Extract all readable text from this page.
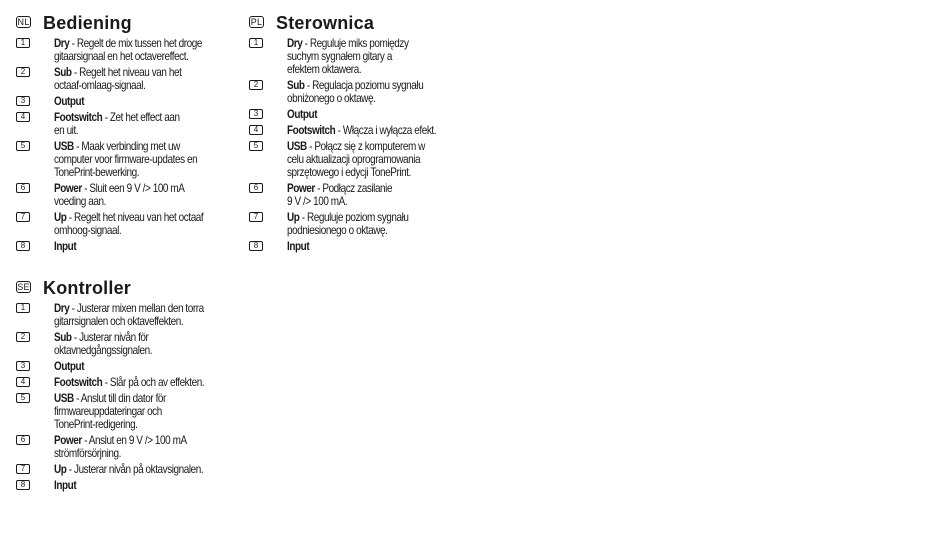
NL Bediening
1	Dry - Regelt de mix tussen het droge
gitaarsignaal en het octavereffect.
2	Sub - Regelt het niveau van het
octaaf-omlaag-signaal.
3	Output
4	Footswitch - Zet het effect aan
en uit.
5	USB - Maak verbinding met uw
computer voor firmware-updates en
TonePrint-bewerking.
6	Power - Sluit een 9 V /> 100 mA
voeding aan.
7	Up - Regelt het niveau van het octaaf
omhoog-signaal.
8	Input
SE Kontroller
1	Dry - Justerar mixen mellan den torra
gitarrsignalen och oktaveffekten.
2	Sub - Justerar nivån för
oktavnedgångssignalen.
3	Output
4	Footswitch - Slår på och av effekten.
5	USB - Anslut till din dator för
firmwareuppdateringar och
TonePrint-redigering.
6	Power - Anslut en 9 V /> 100 mA
strömförsörjning.
7	Up - Justerar nivån på oktavsignalen.
8	Input
PL Sterownica
1	Dry - Reguluje miks pomiędzy
suchym sygnałem gitary a
efektem oktawera.
2	Sub - Regulacja poziomu sygnału
obniżonego o oktawę.
3	Output
4	Footswitch - Włącza i wyłącza efekt.
5	USB - Połącz się z komputerem w
celu aktualizacji oprogramowania
sprzętowego i edycji TonePrint.
6	Power - Podłącz zasilanie
9 V /> 100 mA.
7	Up - Reguluje poziom sygnału
podniesionego o oktawę.
8	Input
